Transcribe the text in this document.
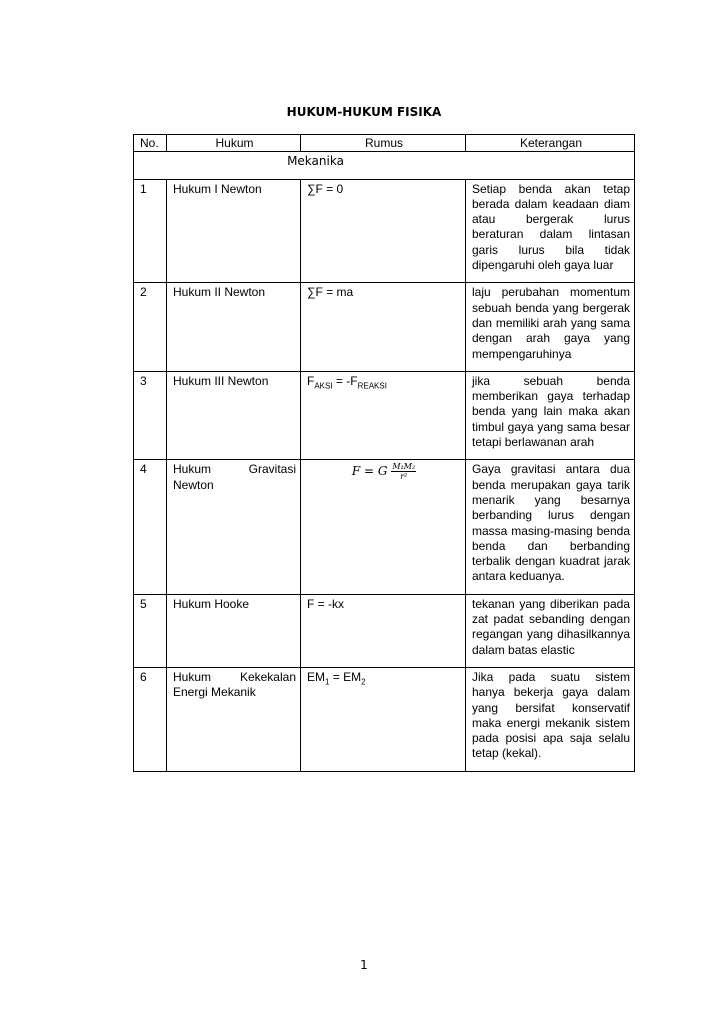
HUKUM-HUKUM FISIKA
No.	Hukum	Rumus	Keterangan
	Mekanika		
1	Hukum I Newton	∑F = 0	Setiap benda akan tetap berada dalam keadaan diam atau bergerak lurus beraturan dalam lintasan garis lurus bila tidak dipengaruhi oleh gaya luar
2	Hukum II Newton	∑F = ma	laju perubahan momentum sebuah benda yang bergerak dan memiliki arah yang sama dengan arah gaya yang mempengaruhinya
3	Hukum III Newton	$F_{AKSI} = -F_{REAKSI}$	jika sebuah benda memberikan gaya terhadap benda yang lain maka akan timbul gaya yang sama besar tetapi berlawanan arah
4	Hukum Gravitasi Newton	F = G $\frac{\text{M₁M₂}}{\text{r²}}$	Gaya gravitasi antara dua benda merupakan gaya tarik menarik yang besarnya berbanding lurus dengan massa masing-masing benda benda dan berbanding terbalik dengan kuadrat jarak antara keduanya.
5	Hukum Hooke	F = -kx	tekanan yang diberikan pada zat padat sebanding dengan regangan yang dihasilkannya dalam batas elastic
6	Hukum Kekekalan Energi Mekanik	$EM_1 = EM_2$	Jika pada suatu sistem hanya bekerja gaya dalam yang bersifat konservatif maka energi mekanik sistem pada posisi apa saja selalu tetap (kekal).
1
